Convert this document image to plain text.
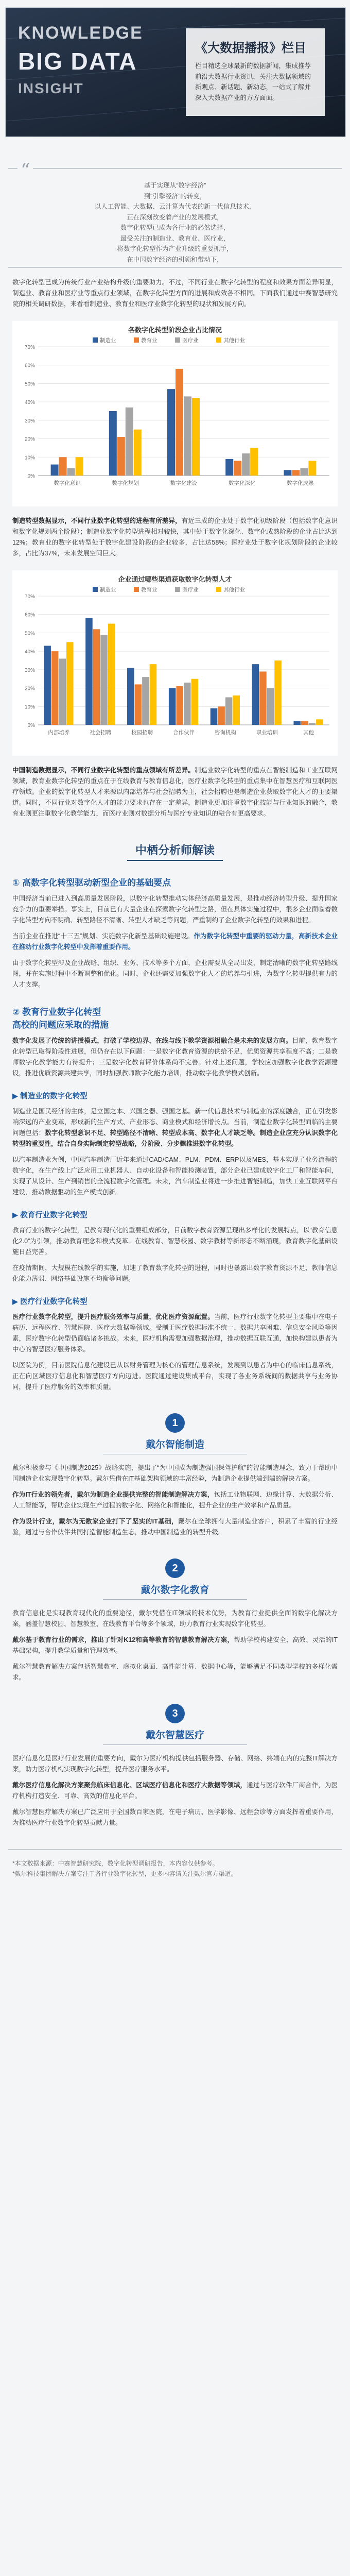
KNOWLEDGE
BIG DATA
INSIGHT
《大数据播报》栏目
栏目精选全球最新的数据新闻，集成推荐前沿大数据行业资讯，关注大数据领域的新观点、新话题、新动态，一站式了解并深入大数据产业的方方面面。
“
基于实现从“数字经济”
到“引擎经济”的转变，
以人工智能、大数据、云计算为代表的新一代信息技术，
正在深刻改变着产业的发展模式，
数字化转型已成为各行业的必然选择，
最受关注的制造业、教育业、医疗业，
将数字化转型作为产业升级的重要抓手，
在中国数字经济的引领和带动下，

数字化转型已成为传统行业产业结构升级的重要助力。不过，不同行业在数字化转型的程度和效果方面差异明显，制造业、教育业和医疗业等重点行业领域，在数字化转型方面的进展和成效各不相同。下面我们通过中赛智慧研究院的相关调研数据，来看看制造业、教育业和医疗业数字化转型的现状和发展方向。

各数字化转型阶段企业占比情况
制造业	教育业	医疗业	其他行业
0%
10%
20%
30%
40%
50%
60%
70%
数字化意识	数字化规划	数字化建设	数字化深化	数字化成熟

制造转型数据显示，不同行业数字化转型的进程有所差异，有近三成的企业处于数字化初级阶段（包括数字化意识和数字化规划两个阶段）；制造业数字化转型进程相对较快，其中处于数字化深化、数字化成熟阶段的企业占比达到12%；教育业的数字化转型处于数字化建设阶段的企业较多，占比达58%；医疗业处于数字化规划阶段的企业较多，占比为37%，未来发展空间巨大。

企业通过哪些渠道获取数字化转型人才
制造业	教育业	医疗业	其他行业
0%
10%
20%
30%
40%
50%
60%
70%
内部培养	社会招聘	校园招聘	合作伙伴	咨询机构	职业培训	其他

中国制造数据显示，不同行业数字化转型的重点领域有所差异。制造业数字化转型的重点在智能制造和工业互联网领域，教育业数字化转型的重点在于在线教育与教育信息化，医疗业数字化转型的重点集中在智慧医疗和互联网医疗领域。企业的数字化转型人才来源以内部培养与社会招聘为主，社会招聘也是制造企业获取数字化人才的主要渠道。同时，不同行业对数字化人才的能力要求也存在一定差异，制造业更加注重数字化技能与行业知识的融合，教育业则更注重数字化教学能力，而医疗业则对数据分析与医疗专业知识的融合有更高要求。

中栖分析师解读
① 高数字化转型驱动新型企业的基础要点

中国经济当前已进入到高质量发展阶段，以数字化转型推动实体经济高质量发展，是推动经济转型升级、提升国家竞争力的重要举措。事实上，目前已有大量企业在探索数字化转型之路，但在具体实施过程中，很多企业面临着数字化转型方向不明确、转型路径不清晰、转型人才缺乏等问题，严重制约了企业数字化转型的效果和进程。

当前企业在推进“十三五”规划、实施数字化新型基础设施建设。作为数字化转型中重要的驱动力量，高新技术企业在推动行业数字化转型中发挥着重要作用。

由于数字化转型涉及企业战略、组织、业务、技术等多个方面，企业需要从全局出发，制定清晰的数字化转型路线图，并在实施过程中不断调整和优化。同时，企业还需要加强数字化人才的培养与引进，为数字化转型提供有力的人才支撑。

② 教育行业数字化转型
高校的问题应采取的措施

数字化发展了传统的讲授模式，打破了学校边界，在线与线下教学资源相融合是未来的发展方向。目前，教育数字化转型已取得阶段性进展，但仍存在以下问题：一是数字化教育资源的供给不足，优质资源共享程度不高；二是教师数字化教学能力有待提升；三是数字化教育评价体系尚不完善。针对上述问题，学校应加强数字化教学资源建设，推进优质资源共建共享，同时加强教师数字化能力培训，推动数字化教学模式创新。

▶ 制造业的数字化转型

制造业是国民经济的主体，是立国之本、兴国之器、强国之基。新一代信息技术与制造业的深度融合，正在引发影响深远的产业变革，形成新的生产方式、产业形态、商业模式和经济增长点。当前，制造业数字化转型面临的主要问题包括：数字化转型意识不足、转型路径不清晰、转型成本高、数字化人才缺乏等。制造企业应充分认识数字化转型的重要性，结合自身实际制定转型战略，分阶段、分步骤推进数字化转型。

以汽车制造业为例，中国汽车制造厂近年来通过CAD/CAM、PLM、PDM、ERP以及MES，基本实现了业务流程的数字化，在生产线上广泛应用工业机器人、自动化设备和智能检测装置，部分企业已建成数字化工厂和智能车间，实现了从设计、生产到销售的全流程数字化管理。未来，汽车制造业将进一步推进智能制造，加快工业互联网平台建设，推动数据驱动的生产模式创新。

▶ 教育行业数字化转型

教育行业的数字化转型，是教育现代化的重要组成部分，目前数字教育资源呈现出多样化的发展特点，以“教育信息化2.0”为引领，推动教育理念和模式变革。在线教育、智慧校园、数字教材等新形态不断涌现，教育数字化基础设施日益完善。

在疫情期间，大规模在线教学的实施，加速了教育数字化转型的进程，同时也暴露出数字教育资源不足、教师信息化能力薄弱、网络基础设施不均衡等问题。

▶ 医疗行业数字化转型

医疗行业数字化转型，提升医疗服务效率与质量，优化医疗资源配置。当前，医疗行业数字化转型主要集中在电子病历、远程医疗、智慧医院、医疗大数据等领域。受制于医疗数据标准不统一、数据共享困难、信息安全风险等因素，医疗数字化转型仍面临诸多挑战。未来，医疗机构需要加强数据治理，推动数据互联互通，加快构建以患者为中心的智慧医疗服务体系。

以医院为例，目前医院信息化建设已从以财务管理为核心的管理信息系统，发展到以患者为中心的临床信息系统，正在向区域医疗信息化和智慧医疗方向迈进。医院通过建设集成平台，实现了各业务系统间的数据共享与业务协同，提升了医疗服务的效率和质量。

1
戴尔智能制造

戴尔积极参与《中国制造2025》战略实施，提出了“为中国成为制造强国保驾护航”的智能制造理念，致力于帮助中国制造企业实现数字化转型。戴尔凭借在IT基础架构领域的丰富经验，为制造企业提供端到端的解决方案。

作为IT行业的领先者，戴尔为制造企业提供完整的智能制造解决方案，包括工业物联网、边缘计算、大数据分析、人工智能等，帮助企业实现生产过程的数字化、网络化和智能化，提升企业的生产效率和产品质量。

作为设计行业，戴尔为无数家企业打下了坚实的IT基础，戴尔在全球拥有大量制造业客户，积累了丰富的行业经验，通过与合作伙伴共同打造智能制造生态，推动中国制造业的转型升级。

2
戴尔数字化教育

教育信息化是实现教育现代化的重要途径，戴尔凭借在IT领域的技术优势，为教育行业提供全面的数字化解决方案，涵盖智慧校园、智慧教室、在线教育平台等多个领域，助力教育行业实现数字化转型。

戴尔基于教育行业的需求，推出了针对K12和高等教育的智慧教育解决方案，帮助学校构建安全、高效、灵活的IT基础架构，提升教学质量和管理效率。

戴尔智慧教育解决方案包括智慧教室、虚拟化桌面、高性能计算、数据中心等，能够满足不同类型学校的多样化需求。

3
戴尔智慧医疗

医疗信息化是医疗行业发展的重要方向，戴尔为医疗机构提供包括服务器、存储、网络、终端在内的完整IT解决方案，助力医疗机构实现数字化转型，提升医疗服务水平。

戴尔医疗信息化解决方案聚焦临床信息化、区域医疗信息化和医疗大数据等领域，通过与医疗软件厂商合作，为医疗机构打造安全、可靠、高效的信息化平台。

戴尔智慧医疗解决方案已广泛应用于全国数百家医院，在电子病历、医学影像、远程会诊等方面发挥着重要作用，为推动医疗行业数字化转型贡献力量。

*本文数据来源：中赛智慧研究院，数字化转型调研报告，本内容仅供参考。
*戴尔科技集团解决方案专注于各行业数字化转型，更多内容请关注戴尔官方渠道。
